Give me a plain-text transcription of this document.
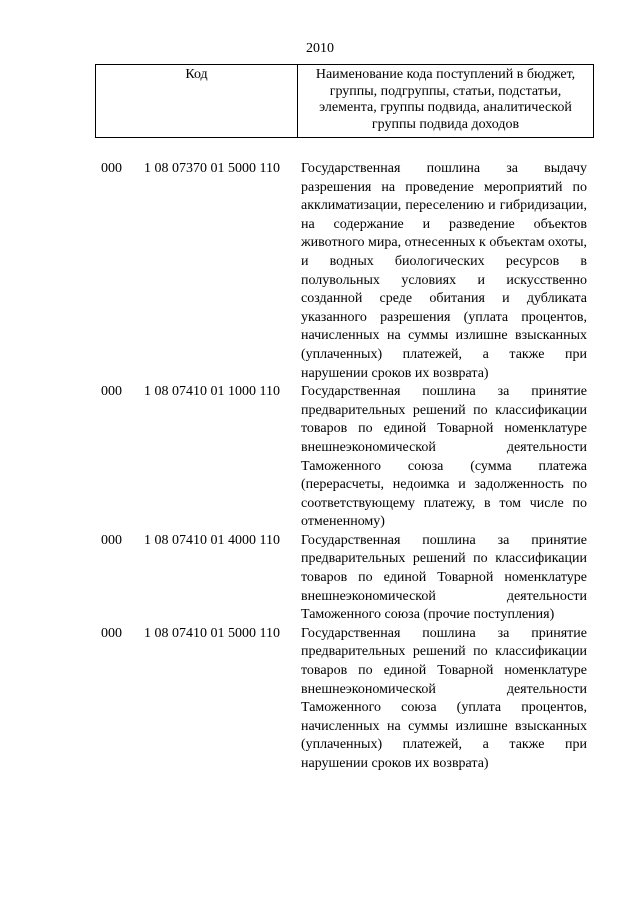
2010
Код	Наименование кода поступлений в бюджет, группы, подгруппы, статьи, подстатьи, элемента, группы подвида, аналитической группы подвида доходов
000 1 08 07370 01 5000 110 Государственная пошлина за выдачу разрешения на проведение мероприятий по акклиматизации, переселению и гибридизации, на содержание и разведение объектов животного мира, отнесенных к объектам охоты, и водных биологических ресурсов в полувольных условиях и искусственно созданной среде обитания и дубликата указанного разрешения (уплата процентов, начисленных на суммы излишне взысканных (уплаченных) платежей, а также при нарушении сроков их возврата)
000 1 08 07410 01 1000 110 Государственная пошлина за принятие предварительных решений по классификации товаров по единой Товарной номенклатуре внешнеэкономической деятельности Таможенного союза (сумма платежа (перерасчеты, недоимка и задолженность по соответствующему платежу, в том числе по отмененному)
000 1 08 07410 01 4000 110 Государственная пошлина за принятие предварительных решений по классификации товаров по единой Товарной номенклатуре внешнеэкономической деятельности Таможенного союза (прочие поступления)
000 1 08 07410 01 5000 110 Государственная пошлина за принятие предварительных решений по классификации товаров по единой Товарной номенклатуре внешнеэкономической деятельности Таможенного союза (уплата процентов, начисленных на суммы излишне взысканных (уплаченных) платежей, а также при нарушении сроков их возврата)
